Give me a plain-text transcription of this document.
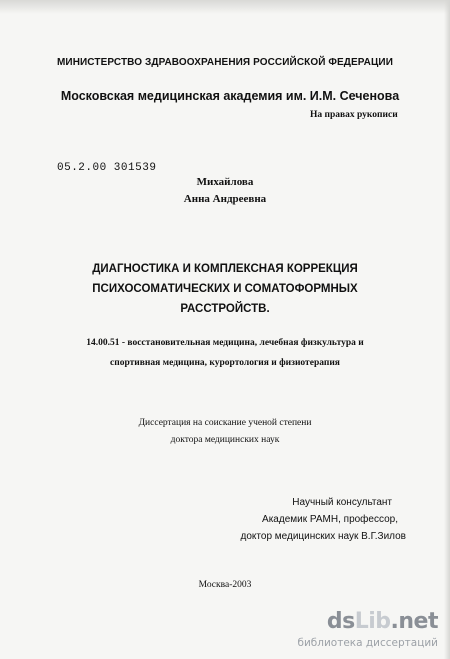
МИНИСТЕРСТВО ЗДРАВООХРАНЕНИЯ РОССИЙСКОЙ ФЕДЕРАЦИИ
Московская медицинская академия им. И.М. Сеченова
На правах рукописи
05.2.00 301539
Михайлова
Анна Андреевна
ДИАГНОСТИКА И КОМПЛЕКСНАЯ КОРРЕКЦИЯ
ПСИХОСОМАТИЧЕСКИХ И СОМАТОФОРМНЫХ
РАССТРОЙСТВ.
14.00.51 - восстановительная медицина, лечебная физкультура и
спортивная медицина, курортология и физиотерапия
Диссертация на соискание ученой степени
доктора медицинских наук
Научный консультант
Академик РАМН, профессор,
доктор медицинских наук В.Г.Зилов
Москва-2003
dsLib.net
библиотека диссертаций
